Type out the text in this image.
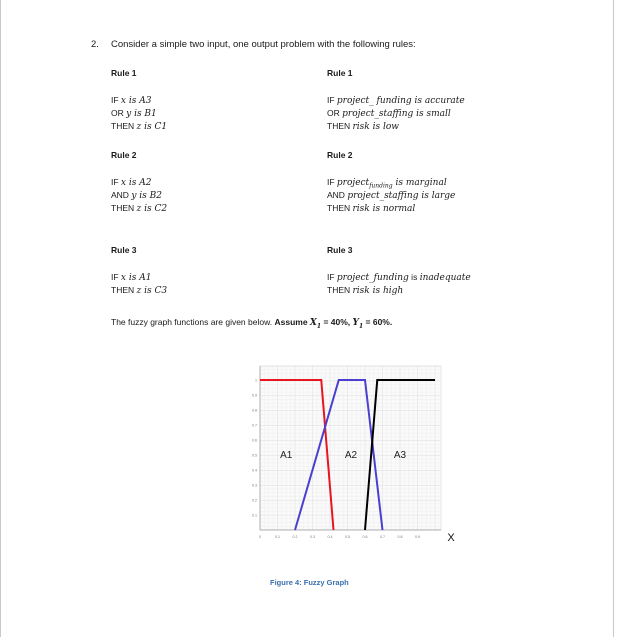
2. Consider a simple two input, one output problem with the following rules:
Rule 1
IF x is A3
OR y is B1
THEN z is C1
Rule 2
IF x is A2
AND y is B2
THEN z is C2
Rule 3
IF x is A1
THEN z is C3
Rule 1
IF project_ funding is accurate
OR project_staffing is small
THEN risk is low
Rule 2
IF project$_{funding}$ is marginal
AND project_staffing is large
THEN risk is normal
Rule 3
IF project_funding is inadequate
THEN risk is high
The fuzzy graph functions are given below. Assume $X_1 = 40\%$, $Y_1 = 60\%$.
0.1
0.2
0.3
0.4
0.5
0.6
0.7
0.8
0.9
1
0	0.1	0.2	0.3	0.4	0.5	0.6	0.7	0.8	0.9
A1	A2	A3
X
Figure 4: Fuzzy Graph
